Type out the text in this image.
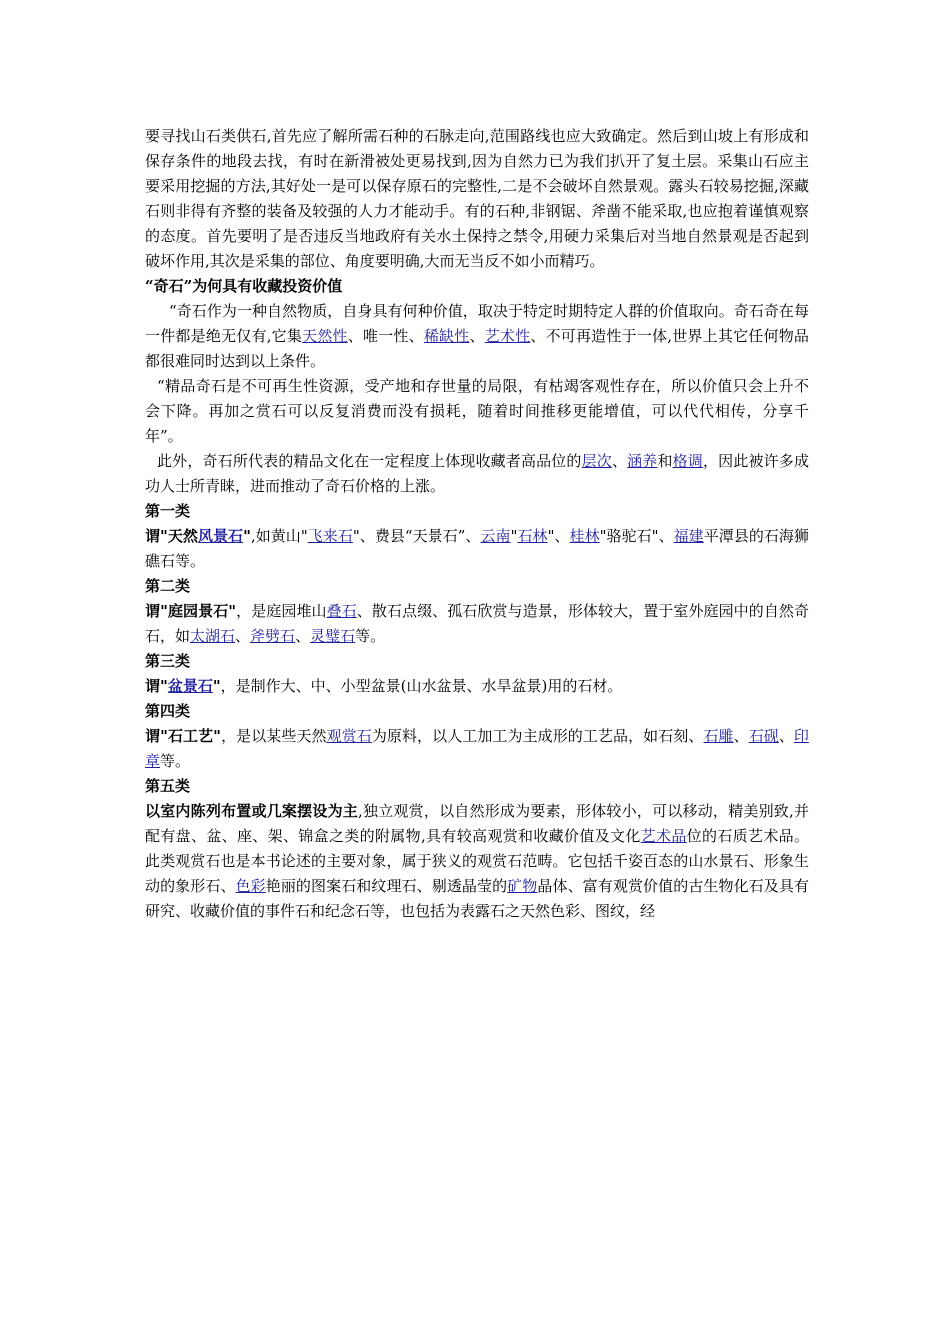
要寻找山石类供石,首先应了解所需石种的石脉走向,范围路线也应大致确定。然后到山坡上有形成和保存条件的地段去找，有时在新滑被处更易找到,因为自然力已为我们扒开了复土层。采集山石应主要采用挖掘的方法,其好处一是可以保存原石的完整性,二是不会破坏自然景观。露头石较易挖掘,深藏石则非得有齐整的装备及较强的人力才能动手。有的石种,非钢锯、斧凿不能采取,也应抱着谨慎观察的态度。首先要明了是否违反当地政府有关水土保持之禁令,用硬力采集后对当地自然景观是否起到破坏作用,其次是采集的部位、角度要明确,大而无当反不如小而精巧。

“奇石”为何具有收藏投资价值

“奇石作为一种自然物质，自身具有何种价值，取决于特定时期特定人群的价值取向。奇石奇在每一件都是绝无仅有,它集天然性、唯一性、稀缺性、艺术性、不可再造性于一体,世界上其它任何物品都很难同时达到以上条件。

“精品奇石是不可再生性资源，受产地和存世量的局限，有枯竭客观性存在，所以价值只会上升不会下降。再加之赏石可以反复消费而没有损耗，随着时间推移更能增值，可以代代相传，分享千年”。

此外，奇石所代表的精品文化在一定程度上体现收藏者高品位的层次、涵养和格调，因此被许多成功人士所青睐，进而推动了奇石价格的上涨。

第一类

谓"天然风景石",如黄山"飞来石"、费县“天景石”、云南"石林"、桂林"骆驼石"、福建平潭县的石海狮礁石等。

第二类

谓"庭园景石"，是庭园堆山叠石、散石点缀、孤石欣赏与造景，形体较大，置于室外庭园中的自然奇石，如太湖石、斧劈石、灵璧石等。

第三类

谓"盆景石"，是制作大、中、小型盆景(山水盆景、水旱盆景)用的石材。

第四类

谓"石工艺"，是以某些天然观赏石为原料，以人工加工为主成形的工艺品，如石刻、石雕、石砚、印章等。

第五类

以室内陈列布置或几案摆设为主,独立观赏，以自然形成为要素，形体较小，可以移动，精美别致,并配有盘、盆、座、架、锦盒之类的附属物,具有较高观赏和收藏价值及文化艺术品位的石质艺术品。此类观赏石也是本书论述的主要对象，属于狭义的观赏石范畴。它包括千姿百态的山水景石、形象生动的象形石、色彩艳丽的图案石和纹理石、剔透晶莹的矿物晶体、富有观赏价值的古生物化石及具有研究、收藏价值的事件石和纪念石等，也包括为表露石之天然色彩、图纹，经
